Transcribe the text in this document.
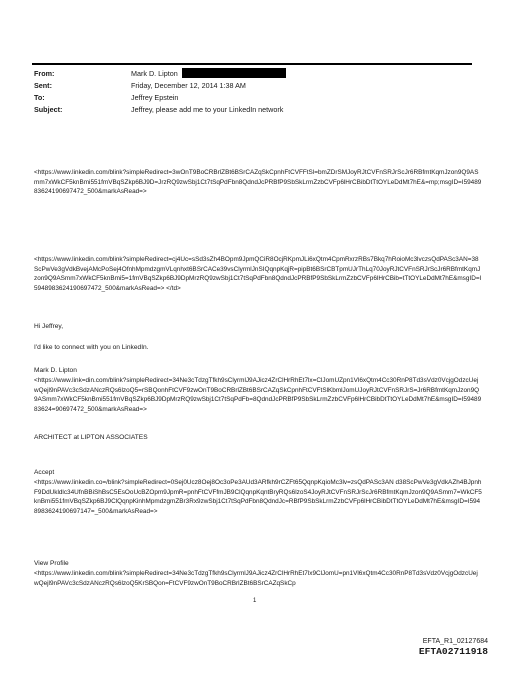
From:	Mark D. Lipton
Sent:	Friday, December 12, 2014 1:38 AM
To:	Jeffrey Epstein
Subject:	Jeffrey, please add me to your LinkedIn network
<https://www.linkedin.com/blink?simpleRedirect=3wOnT9BoCRBrlZBt6BSrCAZqSkCpnhFtCVFFtSl=bmZDrSMJoyRJtCVFnSRJrScJr6RBfmtKqmJzon9Q9ASmm7xWkCF5knBmi551fmVBqSZkp6BJ9D=JrzRQ9zwSbj1Ct7tSqPdFbn8QdndJcPRBfP9SbSkLrmZzbCVFp6lHrCBibDtTtOYLeDdMt7hE&=mp;msgID=I5948983624190697472_500&markAsRead=>
<https://www.linkedin.com/blink?simpleRedirect=cj4Uc=sSd3sZh4BOpm9JpmQCiR8OcjRKpmJLi6xQtm4CpmRxrzRBs7Bkq7hRoioMc3lvczsQdPASc3AN=38ScPwVe3gVdkBvejAMcPoSej4OfnhMpmdzgmVLqnhxt6BSrCACe39vsClyrmlJnSIQqnpKqjR=pipBt6BSrCBTpmUJrThLq70JoyRJtCVFnSRJrScJr6RBfmtKqmJzon9Q9ASmm7xWkCF5knBmi5=1fmVBqSZkp6BJ9DpMrzRQ9zwSbj1Ct7tSqPdFbn8QdndJcPRBfP9SbSkLrmZzbCVFp6lHrCBib=tTtOYLeDdMt7hE&msgID=I5948983624190697472_500&markAsRead=> </td>
Hi Jeffrey,
I'd like to connect with you on LinkedIn.
Mark D. Lipton
<https://www.link=din.com/blink?simpleRedirect=34Ne3cTdzgTfkh9sClyrmlJ9AJicz4ZrClHrRhEt7lx=ClJomUZpn1Vl6xQtm4Cc30RnP8Td3sVdz0VcjgOdzcUejwQejl9nPAVc3cSdzANczRQs6lzoQ5=rSBQonhFtCVF9zwOnT9BoCRBrlZBt6BSrCAZqSkCpnhFtCVFtSlKbmlJomUJoyRJtCVFnSRJrS=Jr6RBfmtKqmJzon9Q9ASmm7xWkCF5knBmi551fmVBqSZkp6BJ9DpMrzRQ9zwSbj1Ct7tSqPdFb=8QdndJcPRBfP9SbSkLrmZzbCVFp6lHrCBibDtTtOYLeDdMt7hE&msgID=I5948983624=90697472_500&markAsRead=>
ARCHITECT at LIPTON ASSOCIATES
Accept
<https://www.linkedin.co=/blink?simpleRedirect=0Sej0Ucz8Oej8Oc3oPe3AUd3ARfkh9rCZFt65QqnpKqioMc3lv=zsQdPASc3AN d38ScPwVe3gVdkAZh4BJpnhF9DdUkldlc34UfnBBiShBsC5EsOoUcBZOpm9JpmR=pnhFtCVFfmJB9ClQqnpKqntBryRQs6lzoS4JoyRJtCVFnSRJrScJr6RBfmtKqmJzon9Q9ASmm7=WkCF5knBmi551fmVBqSZkp6BJ9ClQqnpKinhMpmdzgmZBr3Rx9zwSbj1Ct7tSqPdFbn8QdndJc=RBfP9SbSkLrmZzbCVFp6lHrCBibDtTtOYLeDdMt7hE&msgID=I5948983624190697147=_500&markAsRead=>
View Profile
<https://www.linkedin.com/blink?simpleRedirect=34Ne3cTdzgTfkh9sClyrmlJ9AJicz4ZrClHrRhEt7lx9ClJomU=pn1Vl6xQtm4Cc30RnP8Td3sVdz0VcjgOdzcUejwQejl9nPAVc3cSdzANczRQs6lzoQ5KrSBQon=FtCVF9zwOnT9BoCRBrlZBt6BSrCAZqSkCp
1
EFTA_R1_02127684
EFTA02711918
